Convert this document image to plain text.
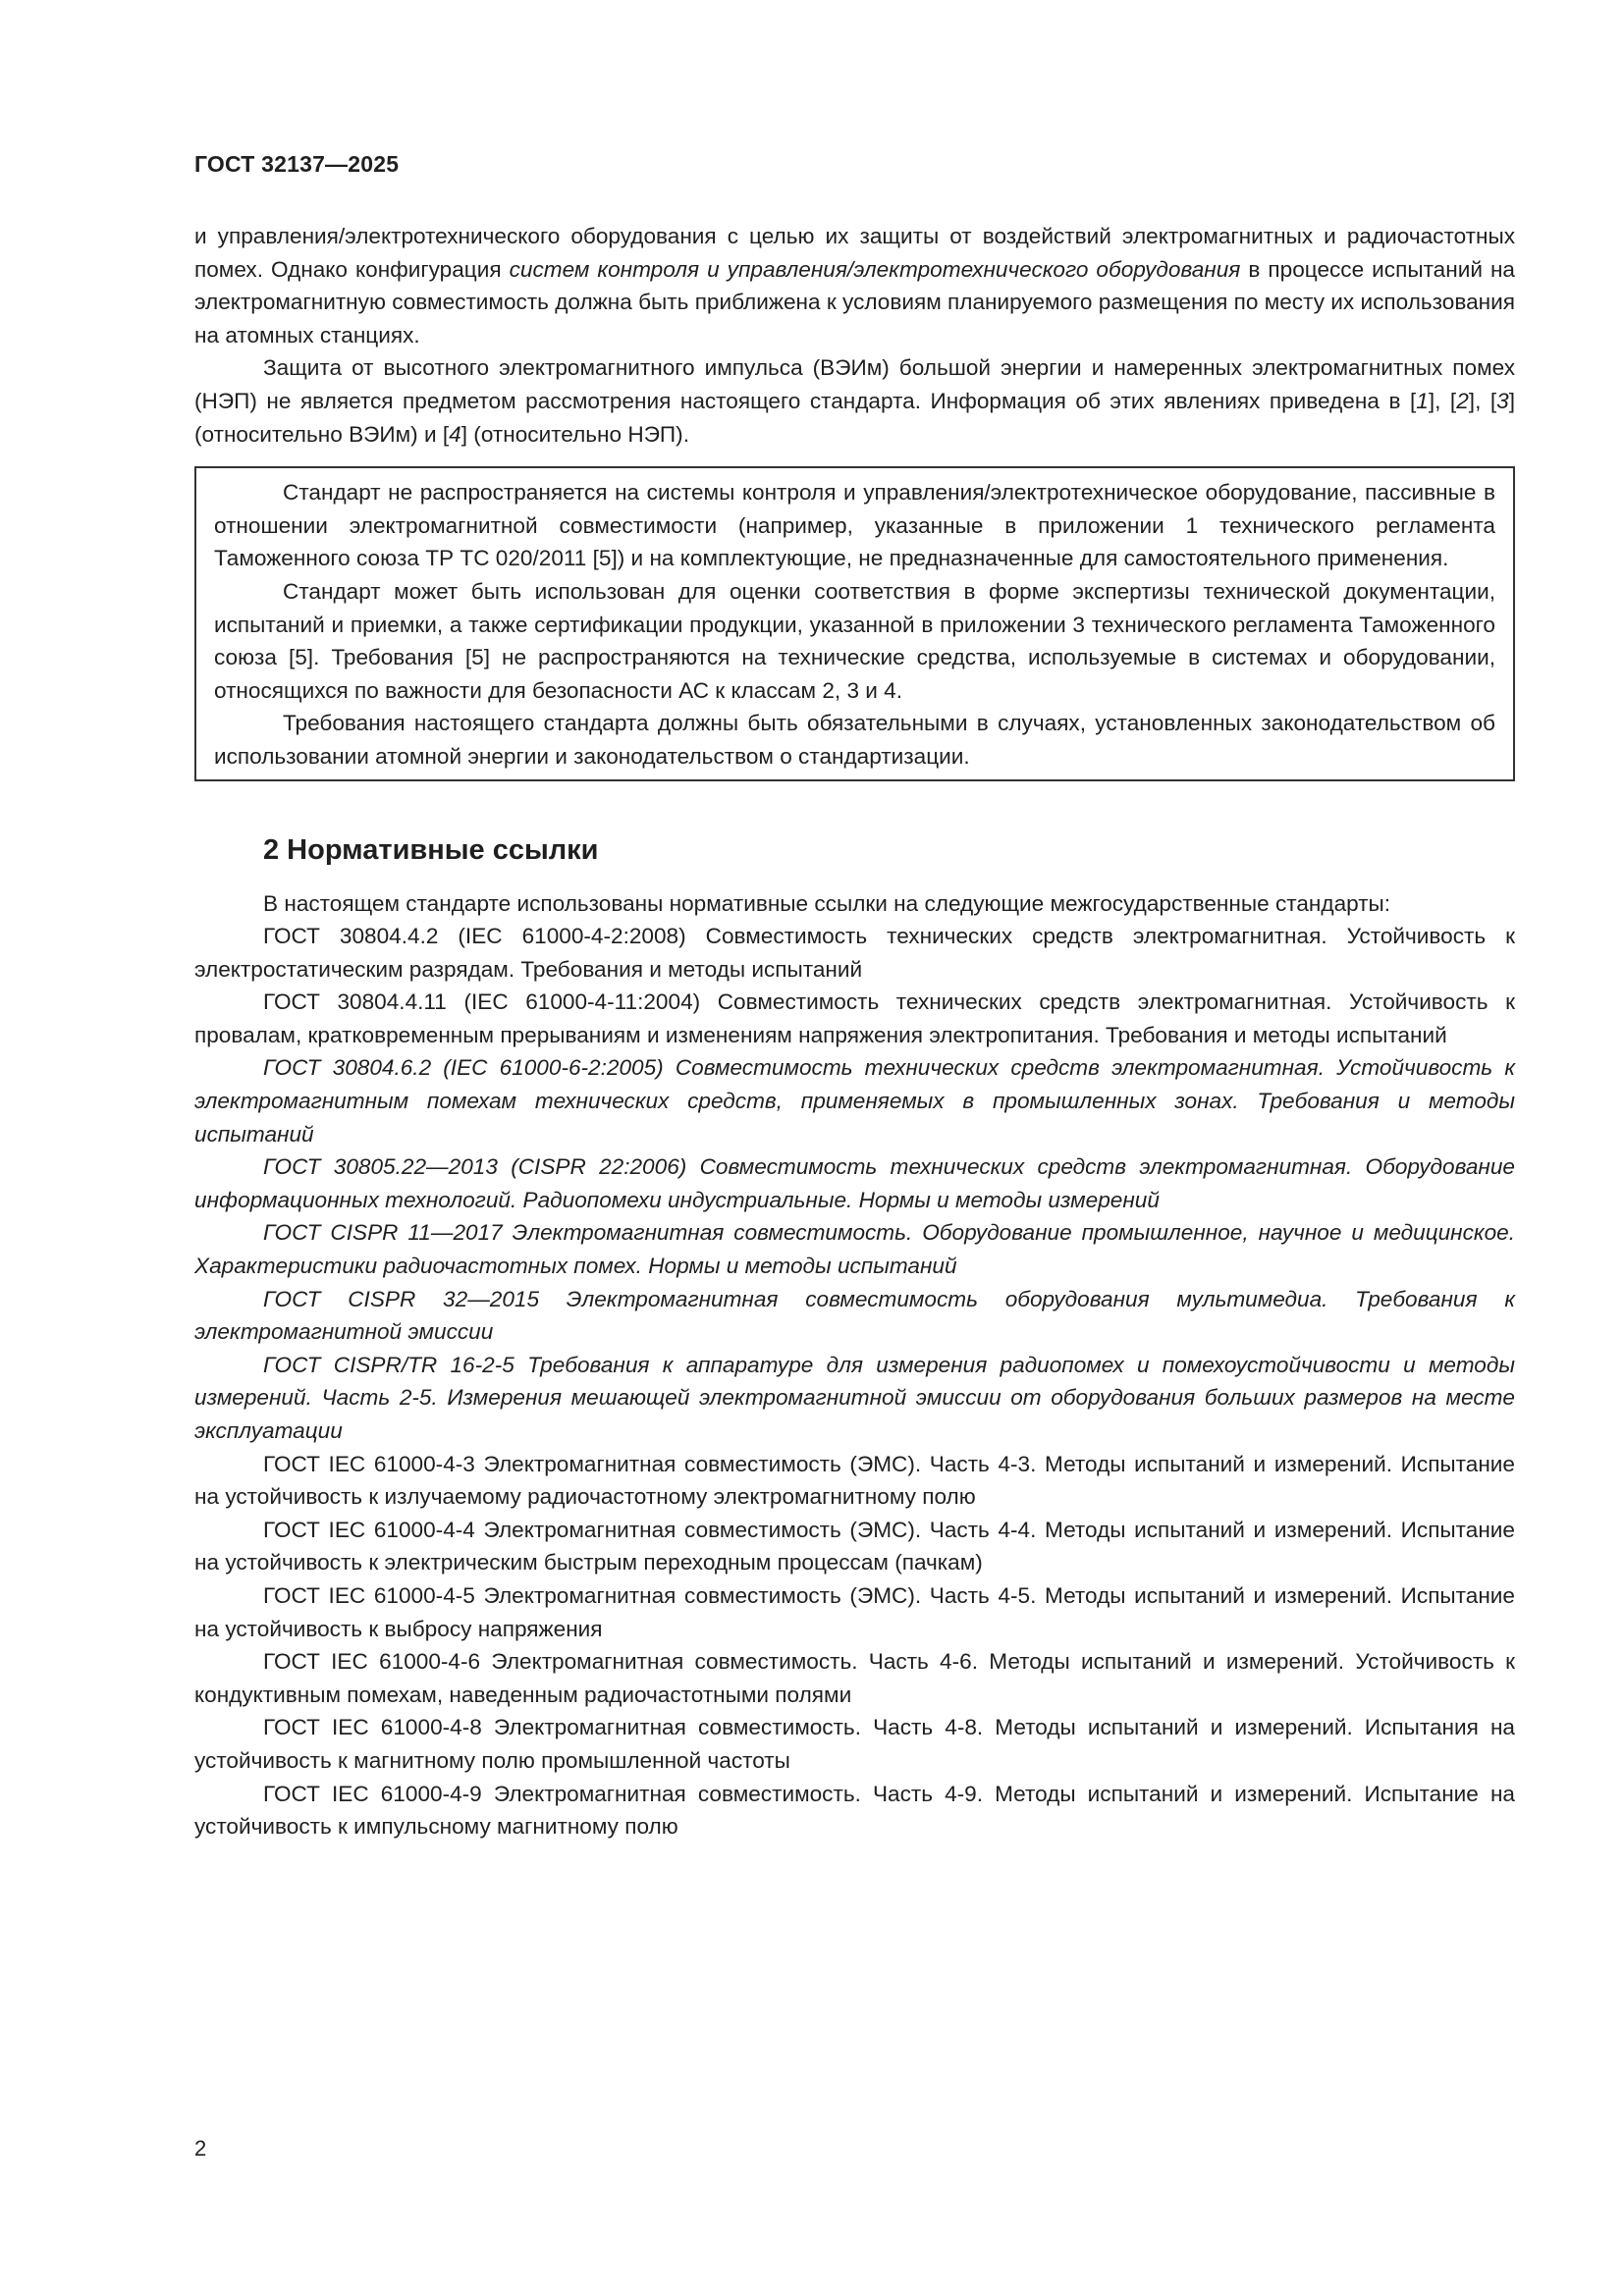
ГОСТ 32137—2025

и управления/электротехнического оборудования с целью их защиты от воздействий электромагнитных и радиочастотных помех. Однако конфигурация систем контроля и управления/электротехнического оборудования в процессе испытаний на электромагнитную совместимость должна быть приближена к условиям планируемого размещения по месту их использования на атомных станциях.

Защита от высотного электромагнитного импульса (ВЭИм) большой энергии и намеренных электромагнитных помех (НЭП) не является предметом рассмотрения настоящего стандарта. Информация об этих явлениях приведена в [1], [2], [3] (относительно ВЭИм) и [4] (относительно НЭП).

Стандарт не распространяется на системы контроля и управления/электротехническое оборудование, пассивные в отношении электромагнитной совместимости (например, указанные в приложении 1 технического регламента Таможенного союза ТР ТС 020/2011 [5]) и на комплектующие, не предназначенные для самостоятельного применения.

Стандарт может быть использован для оценки соответствия в форме экспертизы технической документации, испытаний и приемки, а также сертификации продукции, указанной в приложении 3 технического регламента Таможенного союза [5]. Требования [5] не распространяются на технические средства, используемые в системах и оборудовании, относящихся по важности для безопасности АС к классам 2, 3 и 4.

Требования настоящего стандарта должны быть обязательными в случаях, установленных законодательством об использовании атомной энергии и законодательством о стандартизации.

2 Нормативные ссылки

В настоящем стандарте использованы нормативные ссылки на следующие межгосударственные стандарты:

ГОСТ 30804.4.2 (IEC 61000-4-2:2008) Совместимость технических средств электромагнитная. Устойчивость к электростатическим разрядам. Требования и методы испытаний

ГОСТ 30804.4.11 (IEC 61000-4-11:2004) Совместимость технических средств электромагнитная. Устойчивость к провалам, кратковременным прерываниям и изменениям напряжения электропитания. Требования и методы испытаний

ГОСТ 30804.6.2 (IEC 61000-6-2:2005) Совместимость технических средств электромагнитная. Устойчивость к электромагнитным помехам технических средств, применяемых в промышленных зонах. Требования и методы испытаний

ГОСТ 30805.22—2013 (CISPR 22:2006) Совместимость технических средств электромагнитная. Оборудование информационных технологий. Радиопомехи индустриальные. Нормы и методы измерений

ГОСТ CISPR 11—2017 Электромагнитная совместимость. Оборудование промышленное, научное и медицинское. Характеристики радиочастотных помех. Нормы и методы испытаний

ГОСТ CISPR 32—2015 Электромагнитная совместимость оборудования мультимедиа. Требования к электромагнитной эмиссии

ГОСТ CISPR/TR 16-2-5 Требования к аппаратуре для измерения радиопомех и помехоустойчивости и методы измерений. Часть 2-5. Измерения мешающей электромагнитной эмиссии от оборудования больших размеров на месте эксплуатации

ГОСТ IEC 61000-4-3 Электромагнитная совместимость (ЭМС). Часть 4-3. Методы испытаний и измерений. Испытание на устойчивость к излучаемому радиочастотному электромагнитному полю

ГОСТ IEC 61000-4-4 Электромагнитная совместимость (ЭМС). Часть 4-4. Методы испытаний и измерений. Испытание на устойчивость к электрическим быстрым переходным процессам (пачкам)

ГОСТ IEC 61000-4-5 Электромагнитная совместимость (ЭМС). Часть 4-5. Методы испытаний и измерений. Испытание на устойчивость к выбросу напряжения

ГОСТ IEC 61000-4-6 Электромагнитная совместимость. Часть 4-6. Методы испытаний и измерений. Устойчивость к кондуктивным помехам, наведенным радиочастотными полями

ГОСТ IEC 61000-4-8 Электромагнитная совместимость. Часть 4-8. Методы испытаний и измерений. Испытания на устойчивость к магнитному полю промышленной частоты

ГОСТ IEC 61000-4-9 Электромагнитная совместимость. Часть 4-9. Методы испытаний и измерений. Испытание на устойчивость к импульсному магнитному полю

2
